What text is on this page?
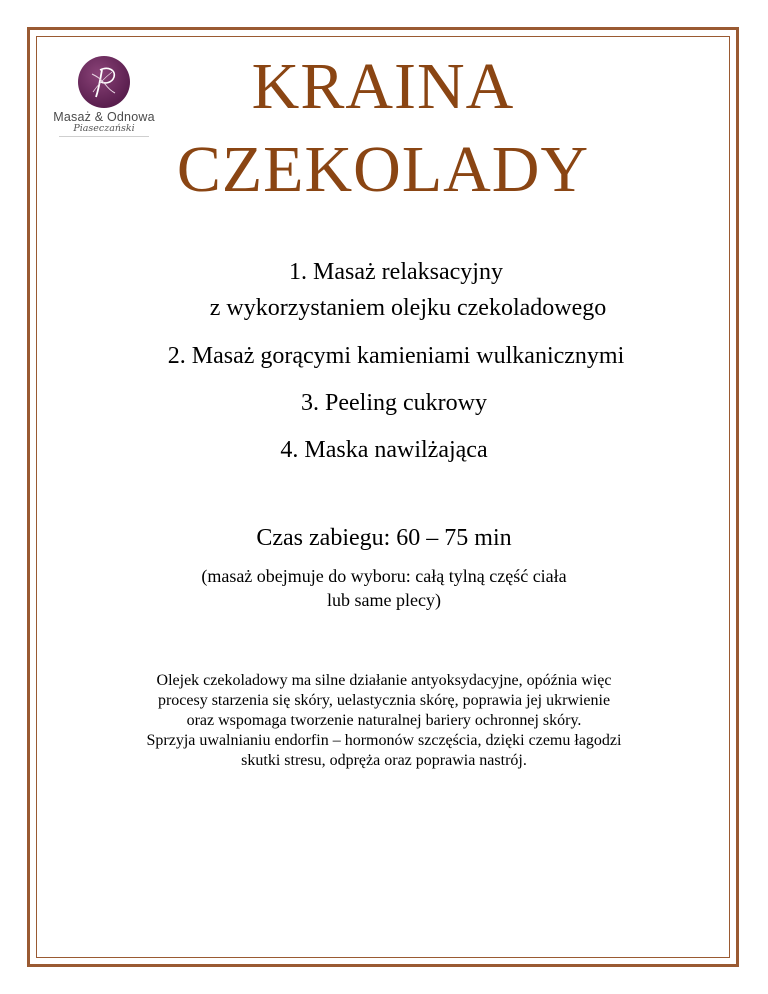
Masaż & Odnowa
Piaseczański
KRAINA
CZEKOLADY
1. Masaż relaksacyjny
z wykorzystaniem olejku czekoladowego
2. Masaż gorącymi kamieniami wulkanicznymi
3. Peeling cukrowy
4. Maska nawilżająca
Czas zabiegu: 60 – 75 min
(masaż obejmuje do wyboru: całą tylną część ciała
lub same plecy)
Olejek czekoladowy ma silne działanie antyoksydacyjne, opóźnia więc
procesy starzenia się skóry, uelastycznia skórę, poprawia jej ukrwienie
oraz wspomaga tworzenie naturalnej bariery ochronnej skóry.
Sprzyja uwalnianiu endorfin – hormonów szczęścia, dzięki czemu łagodzi
skutki stresu, odpręża oraz poprawia nastrój.
